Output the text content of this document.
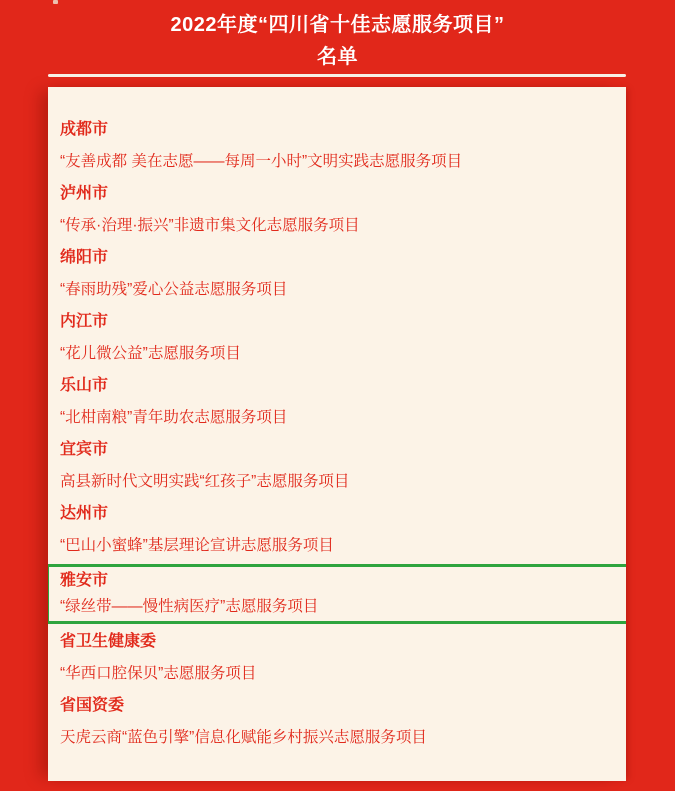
2022年度“四川省十佳志愿服务项目”
名单
成都市
“友善成都 美在志愿——每周一小时”文明实践志愿服务项目
泸州市
“传承·治理·振兴”非遗市集文化志愿服务项目
绵阳市
“春雨助残”爱心公益志愿服务项目
内江市
“花儿微公益”志愿服务项目
乐山市
“北柑南粮”青年助农志愿服务项目
宜宾市
高县新时代文明实践“红孩子”志愿服务项目
达州市
“巴山小蜜蜂”基层理论宣讲志愿服务项目
雅安市
“绿丝带——慢性病医疗”志愿服务项目
省卫生健康委
“华西口腔保贝”志愿服务项目
省国资委
天虎云商“蓝色引擎”信息化赋能乡村振兴志愿服务项目
